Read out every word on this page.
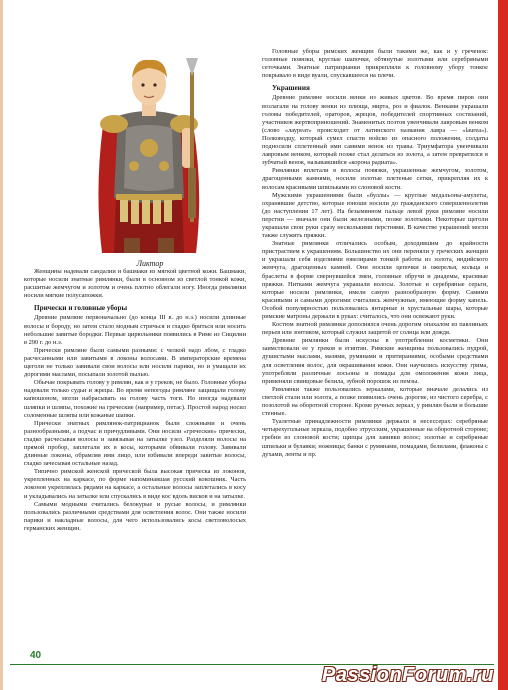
Ликтор

Женщины надевали сандалии и башмаки из мягкой цветной кожи. Башмаки, которые носили знатные римлянки, были в основном из светлой тонкой кожи, расшитые жемчугом и золотом и очень плотно облегали ногу. Иногда римлянки носили мягкие полусапожки.

Прически и головные уборы

Древние римляне первоначально (до конца III в. до н.э.) носили длинные волосы и бороду, но затем стало модным стричься и гладко бриться или носить небольшие завитые бородки. Первые цирюльники появились в Риме из Сицилии в 290 г. до н.э.

Прически римляне были самыми разными: с челкой надо лбом, с гладко расчесанными или завитыми в локоны волосами. В императорские времена щеголи не только завивали свои волосы или носили парики, но и умащали их дорогими маслами, посыпали золотой пылью.

Обычае покрывать голову у римлян, как и у греков, не было. Головные уборы надевали только судьи и жрецы. Во время непогоды римляне защищали голову капюшоном, могли набрасывать на голову часть тоги. Но иногда надевали шляпки и шляпы, похожие на греческие (например, петас). Простой народ носил соломенные шляпы или кожаные шапки.

Прически знатных римлянок-патрицианок были сложными и очень разнообразными, а подчас и причудливыми. Они носили «греческие» прически, гладко расчесывая волосы и завязывая на затылке узел. Разделяли волосы на прямой пробор, заплетали их в косы, которыми обвивали голову. Завивали длинные локоны, обрамляя ими лицо, или взбивали впереди завитые волосы, гладко зачесывая остальные назад.

Типично римской женской прической была высокая прическа из локонов, укрепленных на каркасе, по форме напоминавшая русский кокошник. Часть локонов укреплялась рядами на каркасе, а остальные волосы заплетались в косу и укладывались на затылке или спускались в виде кос вдоль висков и на затылке.

Самыми модными считались белокурые и русые волосы, и римлянки пользовались различными средствами для осветления волос. Они также носили парики и накладные волосы, для чего использовались косы светловолосых германских женщин.

Головные уборы римских женщин были такими же, как и у греченок: головные повязки, круглые шапочки, обтянутые золотыми или серебряными сеточками. Знатные патрицианки прикрепляли к головному убору тонкое покрывало в виде вуали, спускавшееся на плечи.

Украшения

Древние римляне носили венки из живых цветов. Во время пиров они возлагали на голову венки из плюща, мирта, роз и фиалок. Венками украшали головы победителей, ораторов, жрецов, победителей спортивных состязаний, участников жертвоприношений. Знаменитых поэтов увенчивали лавровым венком (слово «лауреат» происходит от латинского названия лавра — «laurea»). Полководцу, который сумел спасти войско из опасного положения, солдаты подносили сплетенный ими самими венок из травы. Триумфатора увенчивали лавровым венком, который позже стал делаться из золота, а затем превратился в зубчатый венок, называвшийся «корона радиата».

Римлянки вплетали в волосы повязки, украшенные жемчугом, золотом, драгоценными камнями, носили золотые плетеные сетки, прикрепляя их к волосам красивыми шпильками из слоновой кости.

Мужскими украшениями были «буллы» — круглые медальоны-амулеты, охранявшие детство, которые юноши носили до гражданского совершеннолетия (до наступления 17 лет). На безымянном пальце левой руки римляне носили перстни — вначале они были железными, позже золотыми. Некоторые щеголи украшали свои руки сразу несколькими перстнями. В качестве украшений могли также служить пряжки.

Знатные римлянки отличались особым, доходившим до крайности пристрастием к украшениям. Большинство их они переняли у греческих женщин и украшали себя изделиями ювелирами тонкой работы из золота, индийского жемчуга, драгоценных камней. Они носили цепочки и ожерелья, кольца и браслеты в форме свернувшейся змеи, головные обручи и диадемы, красивые пряжки. Нитками жемчуга украшали волосы. Золотые и серебряные серьги, которые носили римлянки, имели самую разнообразную форму. Самими красивыми и самыми дорогими считались жемчужные, имеющие форму капель. Особой популярностью пользовались янтарные и хрустальные шары, которые римские матроны держали в руках: считалось, что они освежают руки.

Костюм знатной римлянки дополнялся очень дорогим опахалом из павлиньих перьев или зонтиком, который служил защитой от солнца или дождя.

Древние римлянки были искусны в употреблении косметики. Они заимствовали ее у греков и египтян. Римские женщины пользовались пудрой, душистыми маслами, мазями, румянами и притираниями, особыми средствами для осветления волос, для окрашивания кожи. Они научились искусству грима, употребляли различные лосьоны и помады для омоложения кожи лица, применяли свинцовые белила, зубной порошок из пемзы.

Римлянки также пользовались зеркалами, которые вначале делались из светлой стали или золота, а позже появились очень дорогие, из чистого серебра, с позолотой на оборотной стороне. Кроме ручных зеркал, у римлян были и большие стенные.

Туалетные принадлежности римлянки держали в несессерах: серебряные четырехугольные зеркала, подобно этрусским, украшенные на оборотной стороне; гребни из слоновой кости; щипцы для завивки волос; золотые и серебряные шпильки и булавки; ножницы; банки с румянами, помадами, белилами, флаконы с духами, ленты и пр.

40
PassionForum.ru
